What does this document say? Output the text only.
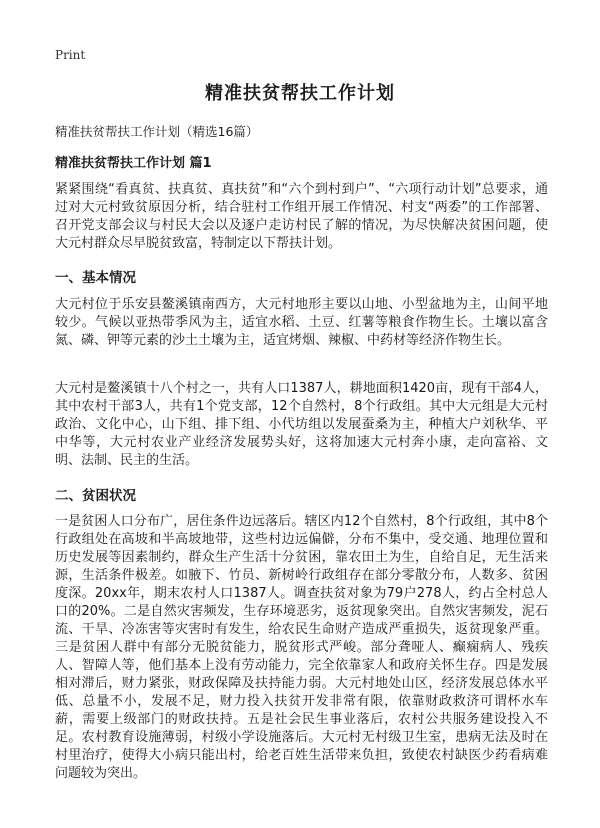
Print
精准扶贫帮扶工作计划
精准扶贫帮扶工作计划（精选16篇）
精准扶贫帮扶工作计划 篇1

紧紧围绕“看真贫、扶真贫、真扶贫”和“六个到村到户”、“六项行动计划”总要求，通过对大元村致贫原因分析，结合驻村工作组开展工作情况、村支“两委”的工作部署、召开党支部会议与村民大会以及逐户走访村民了解的情况，为尽快解决贫困问题，使大元村群众尽早脱贫致富，特制定以下帮扶计划。

一、基本情况

大元村位于乐安县鳌溪镇南西方，大元村地形主要以山地、小型盆地为主，山间平地较少。气候以亚热带季风为主，适宜水稻、土豆、红薯等粮食作物生长。土壤以富含氮、磷、钾等元素的沙土土壤为主，适宜烤烟、辣椒、中药材等经济作物生长。

大元村是鳌溪镇十八个村之一，共有人口1387人，耕地面积1420亩，现有干部4人，其中农村干部3人，共有1个党支部，12个自然村，8个行政组。其中大元组是大元村政治、文化中心，山下组、排下组、小代坊组以发展蚕桑为主，种植大户刘秋华、平中华等，大元村农业产业经济发展势头好，这将加速大元村奔小康，走向富裕、文明、法制、民主的生活。

二、贫困状况

一是贫困人口分布广，居住条件边远落后。辖区内12个自然村，8个行政组，其中8个行政组处在高坡和半高坡地带，这些村边远偏僻，分布不集中，受交通、地理位置和历史发展等因素制约，群众生产生活十分贫困，靠农田土为生，自给自足，无生活来源，生活条件极差。如腋下、竹员、新树岭行政组存在部分零散分布，人数多、贫困度深。20xx年，期末农村人口1387人。调查扶贫对象为79户278人，约占全村总人口的20%。二是自然灾害频发，生存环境恶劣，返贫现象突出。自然灾害频发，泥石流、干旱、冷冻害等灾害时有发生，给农民生命财产造成严重损失，返贫现象严重。三是贫困人群中有部分无脱贫能力，脱贫形式严峻。部分聋哑人、癫痫病人、残疾人、智障人等，他们基本上没有劳动能力，完全依靠家人和政府关怀生存。四是发展相对滞后，财力紧张，财政保障及扶持能力弱。大元村地处山区，经济发展总体水平低、总量不小，发展不足，财力投入扶贫开发非常有限，依靠财政救济可谓杯水车薪，需要上级部门的财政扶持。五是社会民生事业落后，农村公共服务建设投入不足。农村教育设施薄弱，村级小学设施落后。大元村无村级卫生室，患病无法及时在村里治疗，使得大小病只能出村，给老百姓生活带来负担，致使农村缺医少药看病难问题较为突出。
